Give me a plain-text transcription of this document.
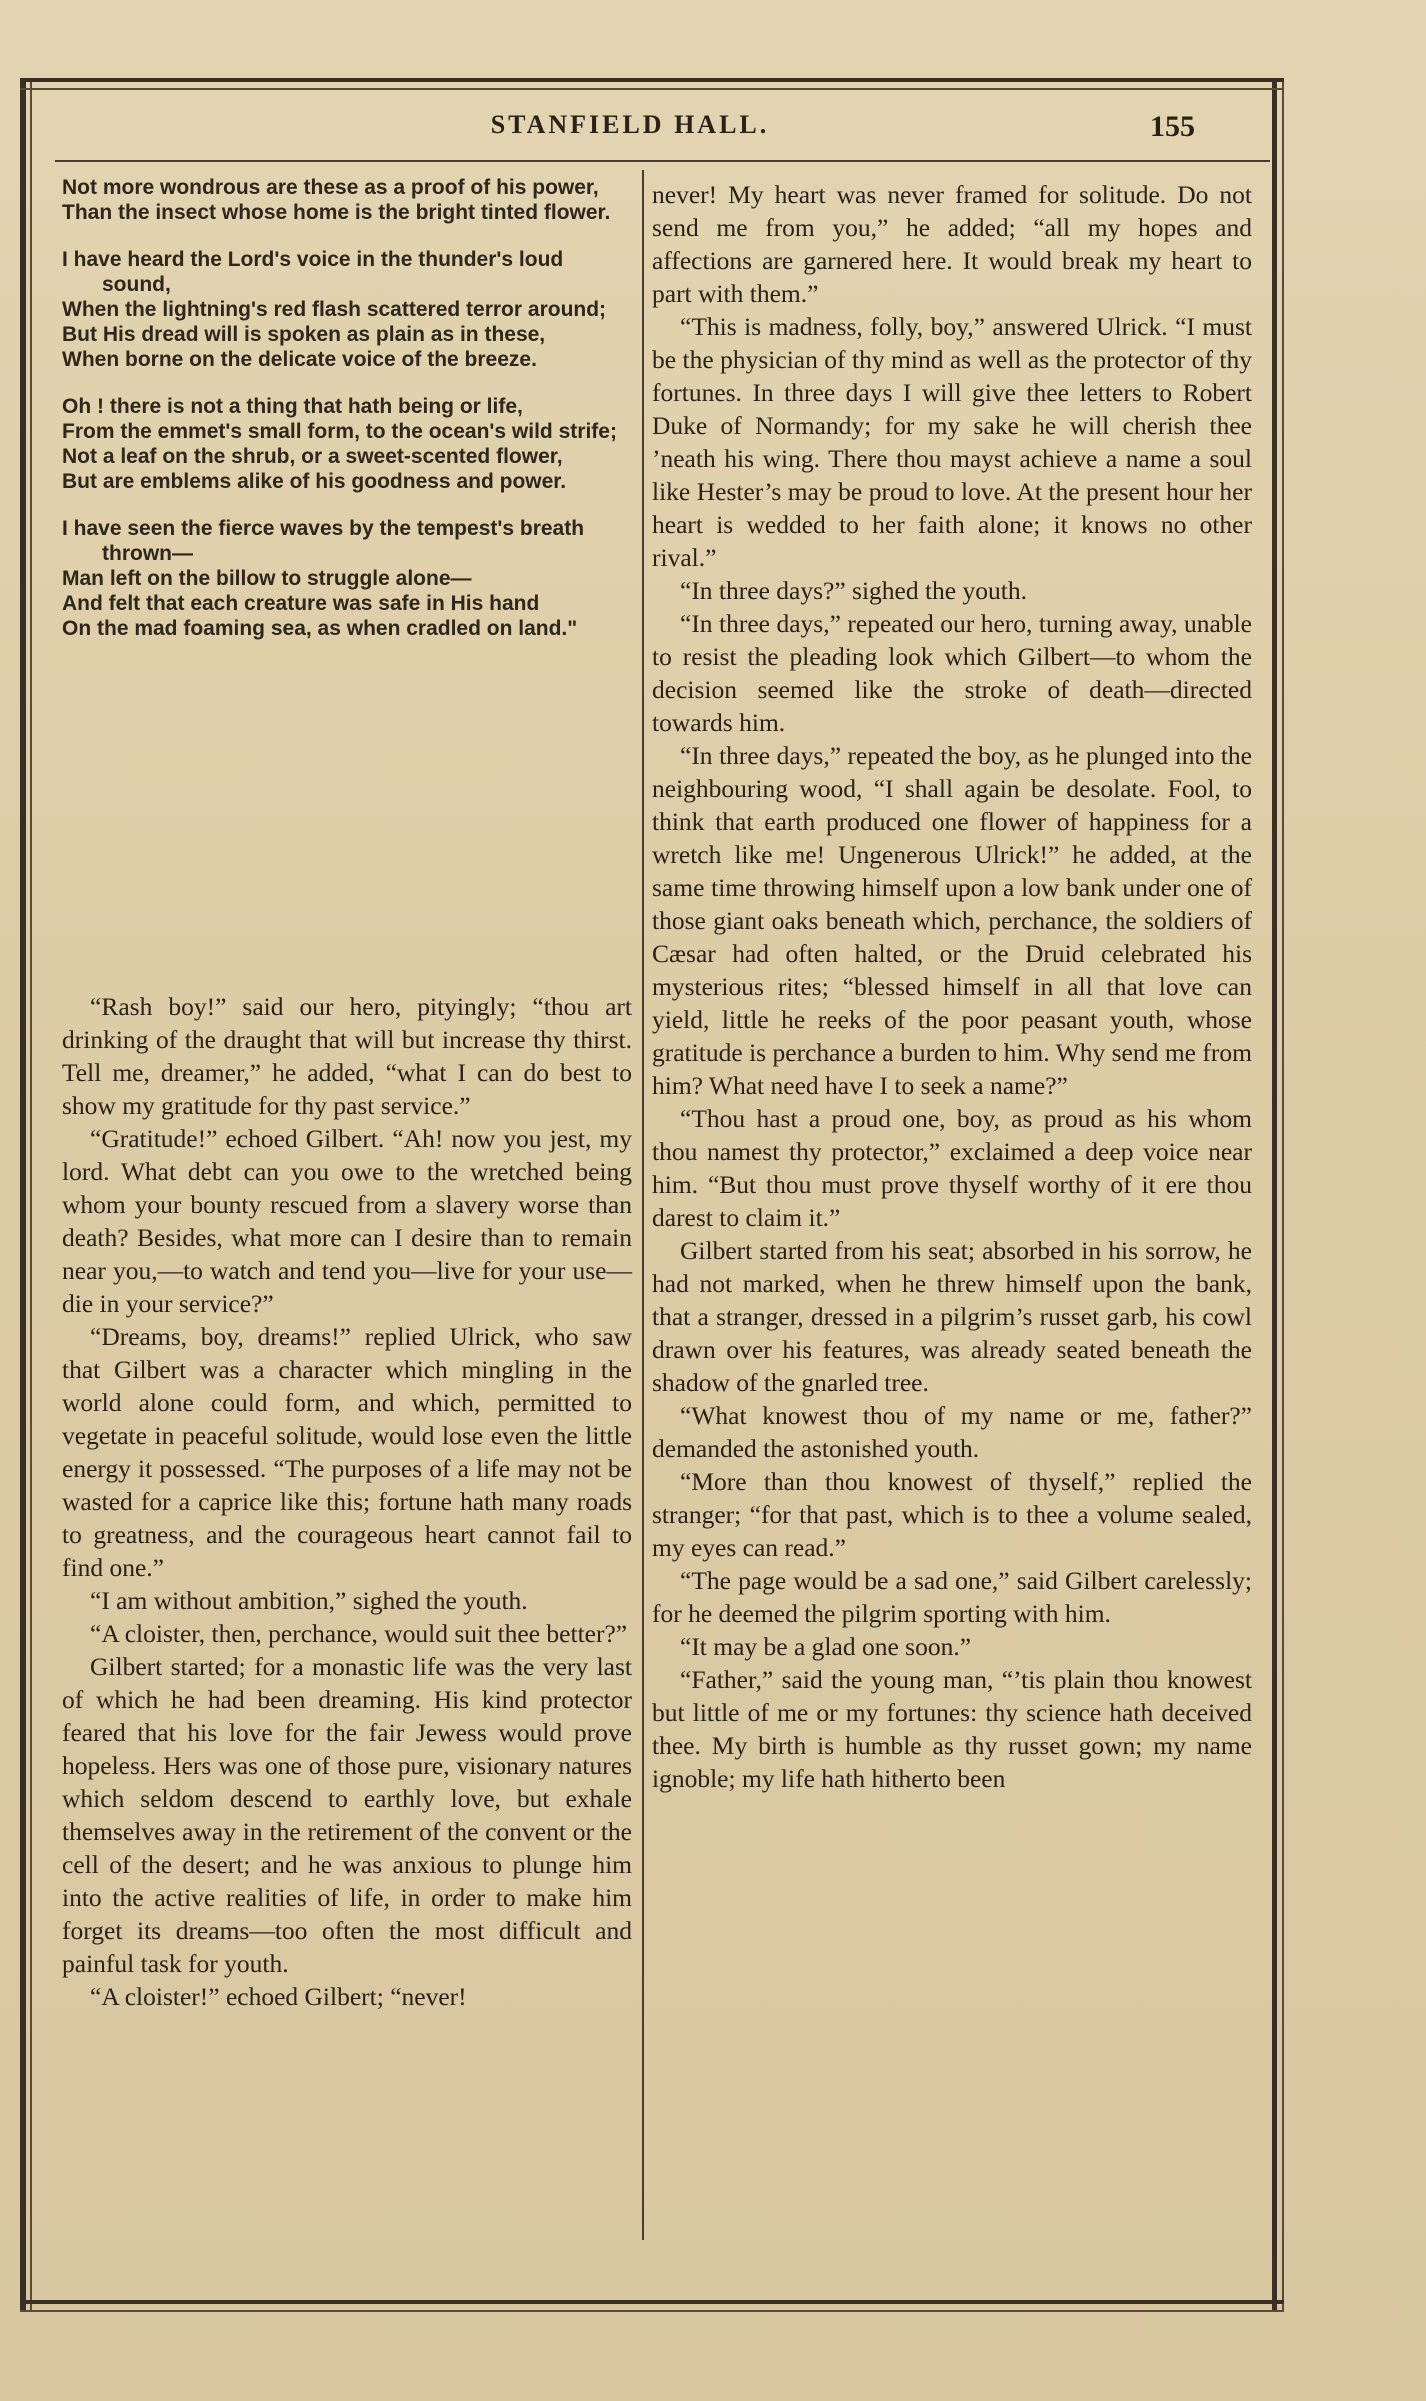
STANFIELD HALL.	155
Not more wondrous are these as a proof of his power,
Than the insect whose home is the bright tinted flower.
I have heard the Lord's voice in the thunder's loud sound,
When the lightning's red flash scattered terror around;
But His dread will is spoken as plain as in these,
When borne on the delicate voice of the breeze.
Oh ! there is not a thing that hath being or life,
From the emmet's small form, to the ocean's wild strife;
Not a leaf on the shrub, or a sweet-scented flower,
But are emblems alike of his goodness and power.
I have seen the fierce waves by the tempest's breath thrown—
Man left on the billow to struggle alone—
And felt that each creature was safe in His hand
On the mad foaming sea, as when cradled on land."

“Rash boy!” said our hero, pityingly; “thou art drinking of the draught that will but increase thy thirst. Tell me, dreamer,” he added, “what I can do best to show my gratitude for thy past service.”

“Gratitude!” echoed Gilbert. “Ah! now you jest, my lord. What debt can you owe to the wretched being whom your bounty rescued from a slavery worse than death? Besides, what more can I desire than to remain near you,—to watch and tend you—live for your use—die in your service?”

“Dreams, boy, dreams!” replied Ulrick, who saw that Gilbert was a character which mingling in the world alone could form, and which, permitted to vegetate in peaceful solitude, would lose even the little energy it possessed. “The purposes of a life may not be wasted for a caprice like this; fortune hath many roads to greatness, and the courageous heart cannot fail to find one.”

“I am without ambition,” sighed the youth.

“A cloister, then, perchance, would suit thee better?”

Gilbert started; for a monastic life was the very last of which he had been dreaming. His kind protector feared that his love for the fair Jewess would prove hopeless. Hers was one of those pure, visionary natures which seldom descend to earthly love, but exhale themselves away in the retirement of the convent or the cell of the desert; and he was anxious to plunge him into the active realities of life, in order to make him forget its dreams—too often the most difficult and painful task for youth.

“A cloister!” echoed Gilbert; “never!

never! My heart was never framed for solitude. Do not send me from you,” he added; “all my hopes and affections are garnered here. It would break my heart to part with them.”

“This is madness, folly, boy,” answered Ulrick. “I must be the physician of thy mind as well as the protector of thy fortunes. In three days I will give thee letters to Robert Duke of Normandy; for my sake he will cherish thee ’neath his wing. There thou mayst achieve a name a soul like Hester’s may be proud to love. At the present hour her heart is wedded to her faith alone; it knows no other rival.”

“In three days?” sighed the youth.

“In three days,” repeated our hero, turning away, unable to resist the pleading look which Gilbert—to whom the decision seemed like the stroke of death—directed towards him.

“In three days,” repeated the boy, as he plunged into the neighbouring wood, “I shall again be desolate. Fool, to think that earth produced one flower of happiness for a wretch like me! Ungenerous Ulrick!” he added, at the same time throwing himself upon a low bank under one of those giant oaks beneath which, perchance, the soldiers of Cæsar had often halted, or the Druid celebrated his mysterious rites; “blessed himself in all that love can yield, little he reeks of the poor peasant youth, whose gratitude is perchance a burden to him. Why send me from him? What need have I to seek a name?”

“Thou hast a proud one, boy, as proud as his whom thou namest thy protector,” exclaimed a deep voice near him. “But thou must prove thyself worthy of it ere thou darest to claim it.”

Gilbert started from his seat; absorbed in his sorrow, he had not marked, when he threw himself upon the bank, that a stranger, dressed in a pilgrim’s russet garb, his cowl drawn over his features, was already seated beneath the shadow of the gnarled tree.

“What knowest thou of my name or me, father?” demanded the astonished youth.

“More than thou knowest of thyself,” replied the stranger; “for that past, which is to thee a volume sealed, my eyes can read.”

“The page would be a sad one,” said Gilbert carelessly; for he deemed the pilgrim sporting with him.

“It may be a glad one soon.”

“Father,” said the young man, “’tis plain thou knowest but little of me or my fortunes: thy science hath deceived thee. My birth is humble as thy russet gown; my name ignoble; my life hath hitherto been
